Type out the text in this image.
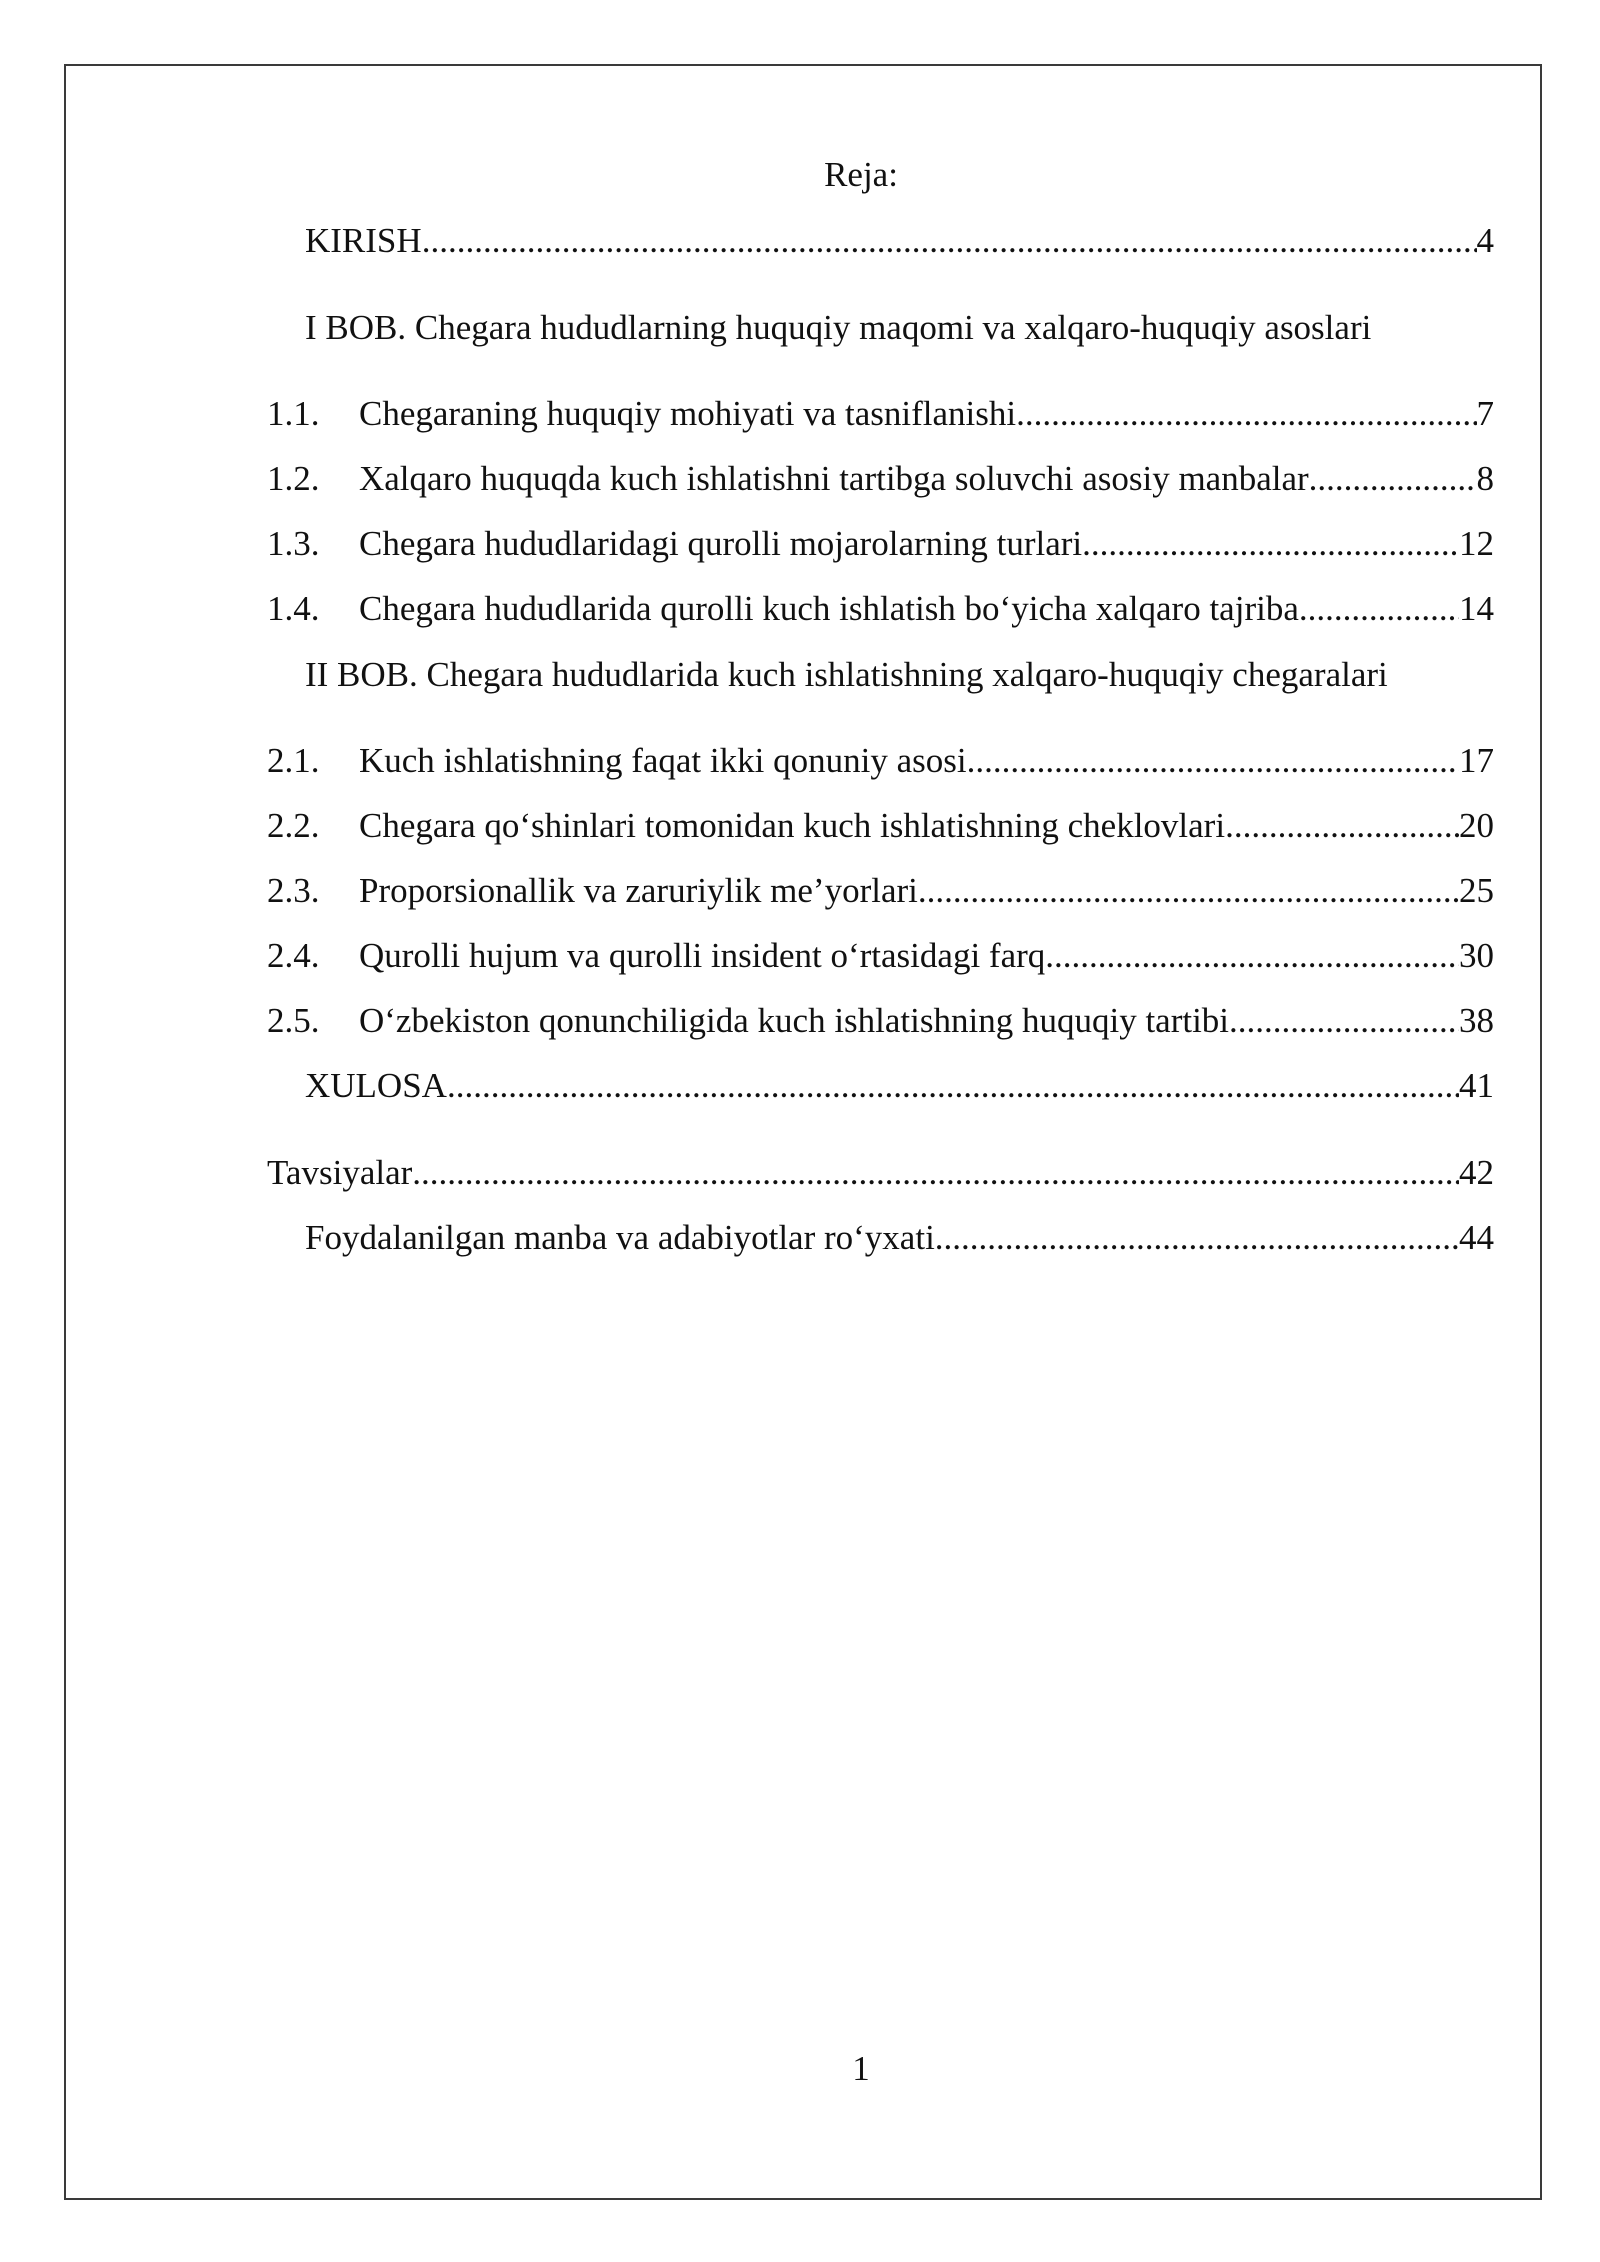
Reja:
KIRISH .....	4
I BOB. Chegara hududlarning huquqiy maqomi va xalqaro-huquqiy asoslari
1.1.	Chegaraning huquqiy mohiyati va tasniflanishi .....	7
1.2.	Xalqaro huquqda kuch ishlatishni tartibga soluvchi asosiy manbalar .....	8
1.3.	Chegara hududlaridagi qurolli mojarolarning turlari .....	12
1.4.	Chegara hududlarida qurolli kuch ishlatish bo‘yicha xalqaro tajriba .....	14
II BOB. Chegara hududlarida kuch ishlatishning xalqaro-huquqiy chegaralari
2.1.	Kuch ishlatishning faqat ikki qonuniy asosi .....	17
2.2.	Chegara qo‘shinlari tomonidan kuch ishlatishning cheklovlari .....	20
2.3.	Proporsionallik va zaruriylik me’yorlari .....	25
2.4.	Qurolli hujum va qurolli insident o‘rtasidagi farq .....	30
2.5.	O‘zbekiston qonunchiligida kuch ishlatishning huquqiy tartibi .....	38
XULOSA .....	41
Tavsiyalar .....	42
Foydalanilgan manba va adabiyotlar ro‘yxati .....	44
1
